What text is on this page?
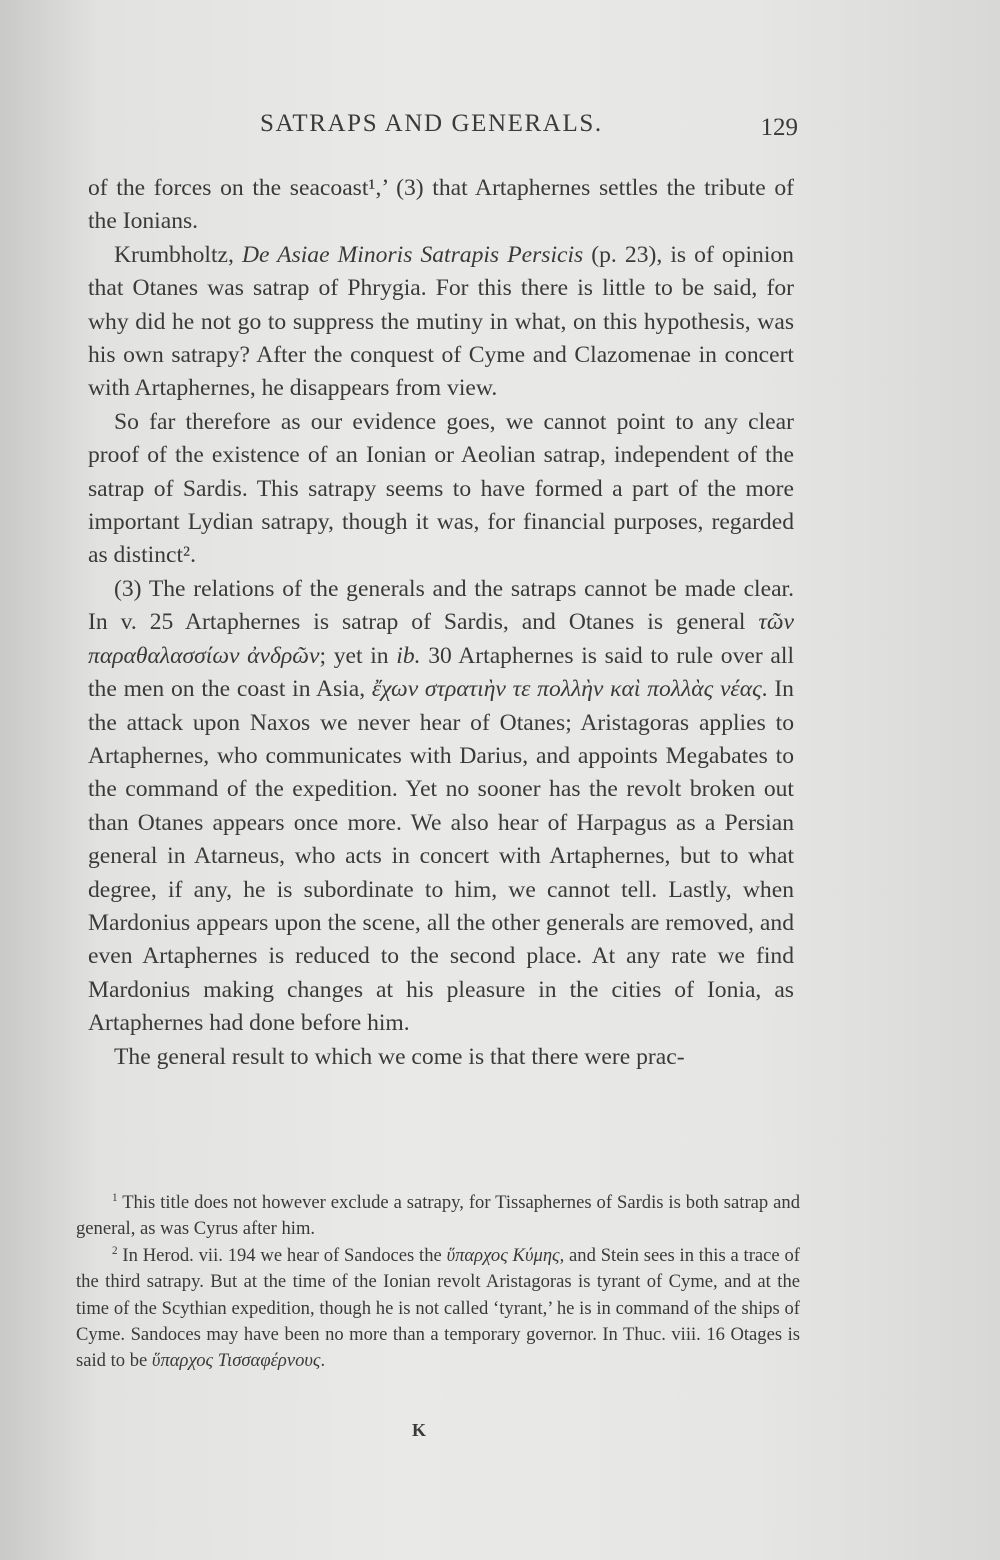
SATRAPS AND GENERALS.	129

of the forces on the seacoast¹,’ (3) that Artaphernes settles the tribute of the Ionians.

Krumbholtz, De Asiae Minoris Satrapis Persicis (p. 23), is of opinion that Otanes was satrap of Phrygia. For this there is little to be said, for why did he not go to suppress the mutiny in what, on this hypothesis, was his own satrapy? After the conquest of Cyme and Clazomenae in concert with Artaphernes, he disappears from view.

So far therefore as our evidence goes, we cannot point to any clear proof of the existence of an Ionian or Aeolian satrap, independent of the satrap of Sardis. This satrapy seems to have formed a part of the more important Lydian satrapy, though it was, for financial purposes, regarded as distinct².

(3) The relations of the generals and the satraps cannot be made clear. In v. 25 Artaphernes is satrap of Sardis, and Otanes is general τῶν παραθαλασσίων ἀνδρῶν; yet in ib. 30 Artaphernes is said to rule over all the men on the coast in Asia, ἔχων στρατιὴν τε πολλὴν καὶ πολλὰς νέας. In the attack upon Naxos we never hear of Otanes; Aristagoras applies to Artaphernes, who communicates with Darius, and appoints Megabates to the command of the expedition. Yet no sooner has the revolt broken out than Otanes appears once more. We also hear of Harpagus as a Persian general in Atarneus, who acts in concert with Artaphernes, but to what degree, if any, he is subordinate to him, we cannot tell. Lastly, when Mardonius appears upon the scene, all the other generals are removed, and even Artaphernes is reduced to the second place. At any rate we find Mardonius making changes at his pleasure in the cities of Ionia, as Artaphernes had done before him.

The general result to which we come is that there were prac-

$^1$ This title does not however exclude a satrapy, for Tissaphernes of Sardis is both satrap and general, as was Cyrus after him.

$^2$ In Herod. vii. 194 we hear of Sandoces the ὕπαρχος Κύμης, and Stein sees in this a trace of the third satrapy. But at the time of the Ionian revolt Aristagoras is tyrant of Cyme, and at the time of the Scythian expedition, though he is not called ‘tyrant,’ he is in command of the ships of Cyme. Sandoces may have been no more than a temporary governor. In Thuc. viii. 16 Otages is said to be ὕπαρχος Τισσαφέρνους.

K
